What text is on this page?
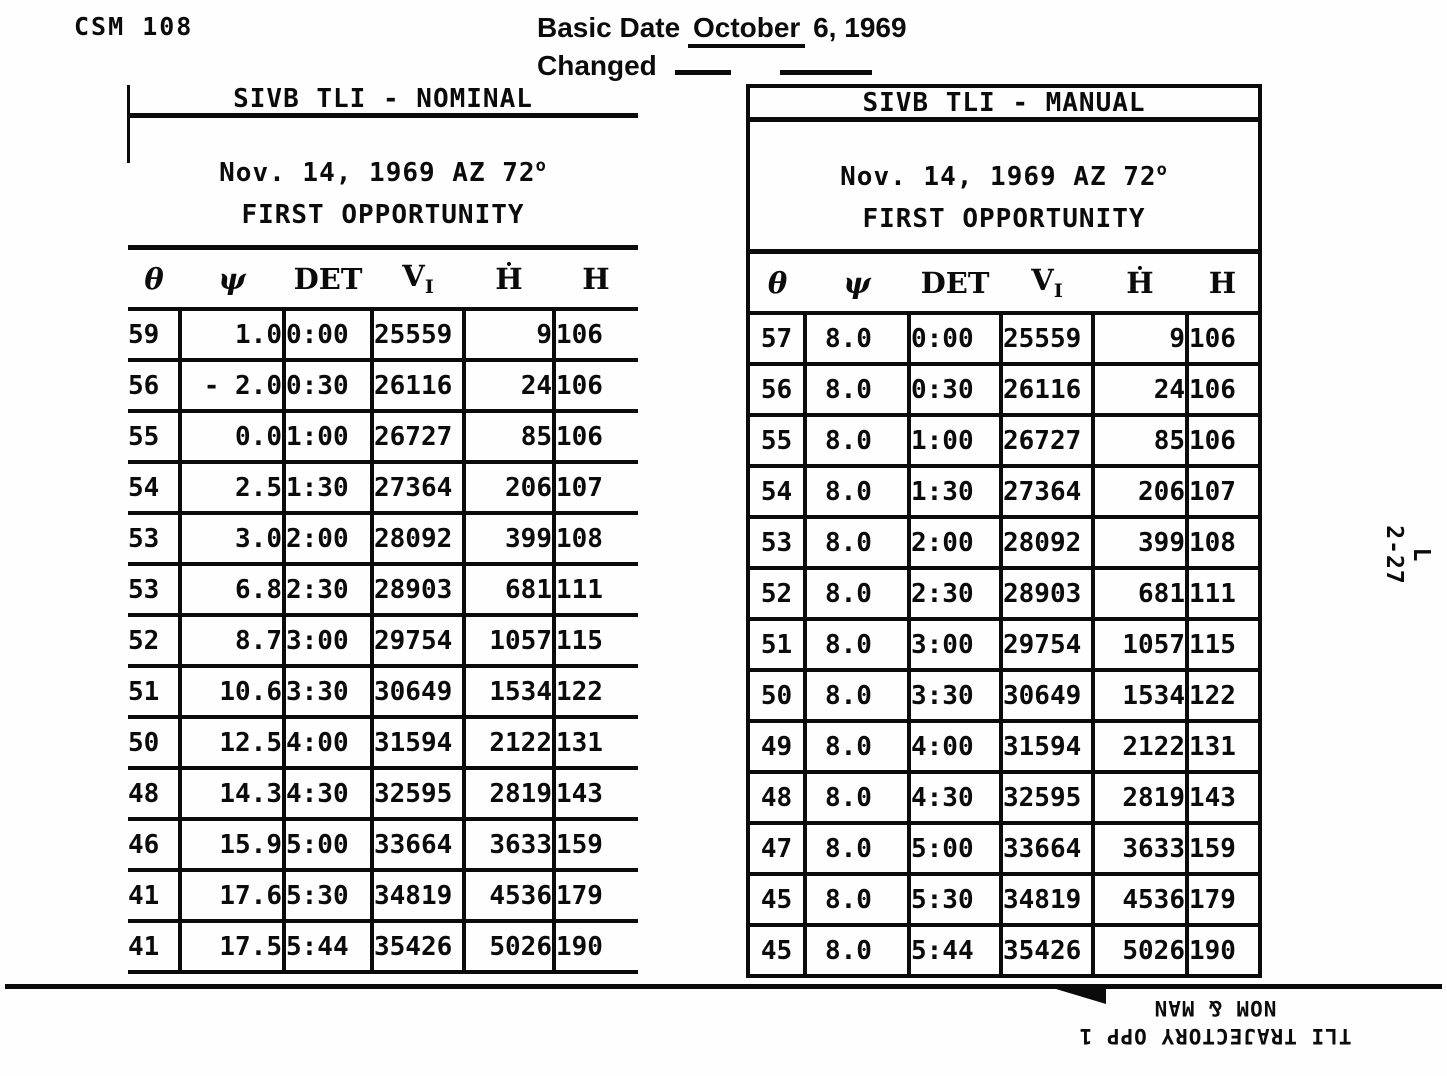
CSM 108	Basic Date October 6, 1969
Changed
SIVB TLI - NOMINAL
Nov. 14, 1969 AZ 72$^o$
FIRST OPPORTUNITY
θ	ψ	DET	$V_I$	Ḣ	H
59	1.0	0:00	25559	9	106
56	- 2.0	0:30	26116	24	106
55	0.0	1:00	26727	85	106
54	2.5	1:30	27364	206	107
53	3.0	2:00	28092	399	108
53	6.8	2:30	28903	681	111
52	8.7	3:00	29754	1057	115
51	10.6	3:30	30649	1534	122
50	12.5	4:00	31594	2122	131
48	14.3	4:30	32595	2819	143
46	15.9	5:00	33664	3633	159
41	17.6	5:30	34819	4536	179
41	17.5	5:44	35426	5026	190
SIVB TLI - MANUAL
Nov. 14, 1969 AZ 72$^o$
FIRST OPPORTUNITY
θ	ψ	DET	$V_I$	Ḣ	H
57	8.0	0:00	25559	9	106
56	8.0	0:30	26116	24	106
55	8.0	1:00	26727	85	106
54	8.0	1:30	27364	206	107
53	8.0	2:00	28092	399	108
52	8.0	2:30	28903	681	111
51	8.0	3:00	29754	1057	115
50	8.0	3:30	30649	1534	122
49	8.0	4:00	31594	2122	131
48	8.0	4:30	32595	2819	143
47	8.0	5:00	33664	3633	159
45	8.0	5:30	34819	4536	179
45	8.0	5:44	35426	5026	190
TLI TRAJECTORY OPP 1
NOM & MAN
L
2-27
